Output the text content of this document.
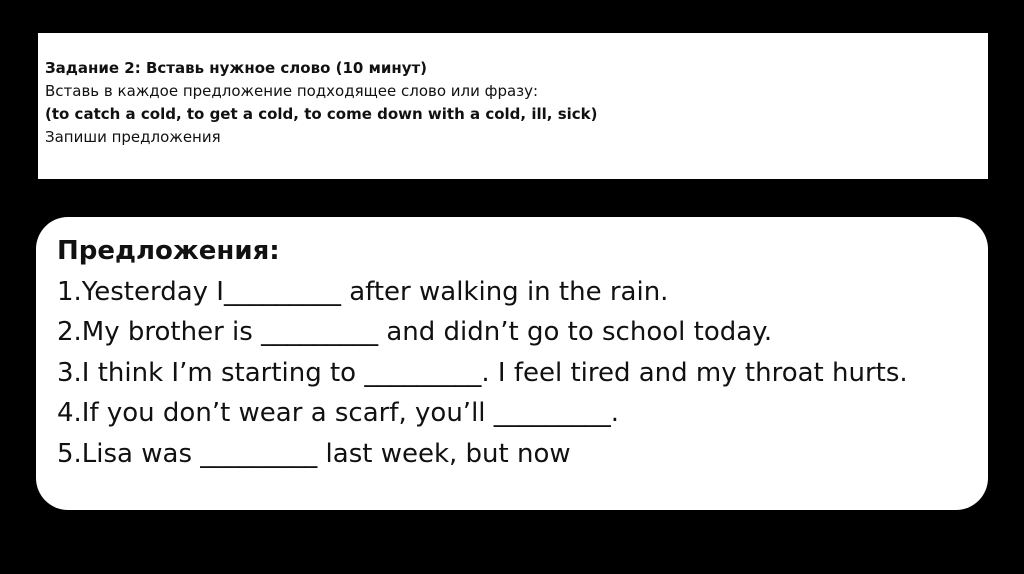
Задание 2: Вставь нужное слово (10 минут)
Вставь в каждое предложение подходящее слово или фразу:
(to catch a cold, to get a cold, to come down with a cold, ill, sick)
Запиши предложения
Предложения:
1.Yesterday I_________ after walking in the rain.
2.My brother is _________ and didn’t go to school today.
3.I think I’m starting to _________. I feel tired and my throat hurts.
4.If you don’t wear a scarf, you’ll _________.
5.Lisa was _________ last week, but now
